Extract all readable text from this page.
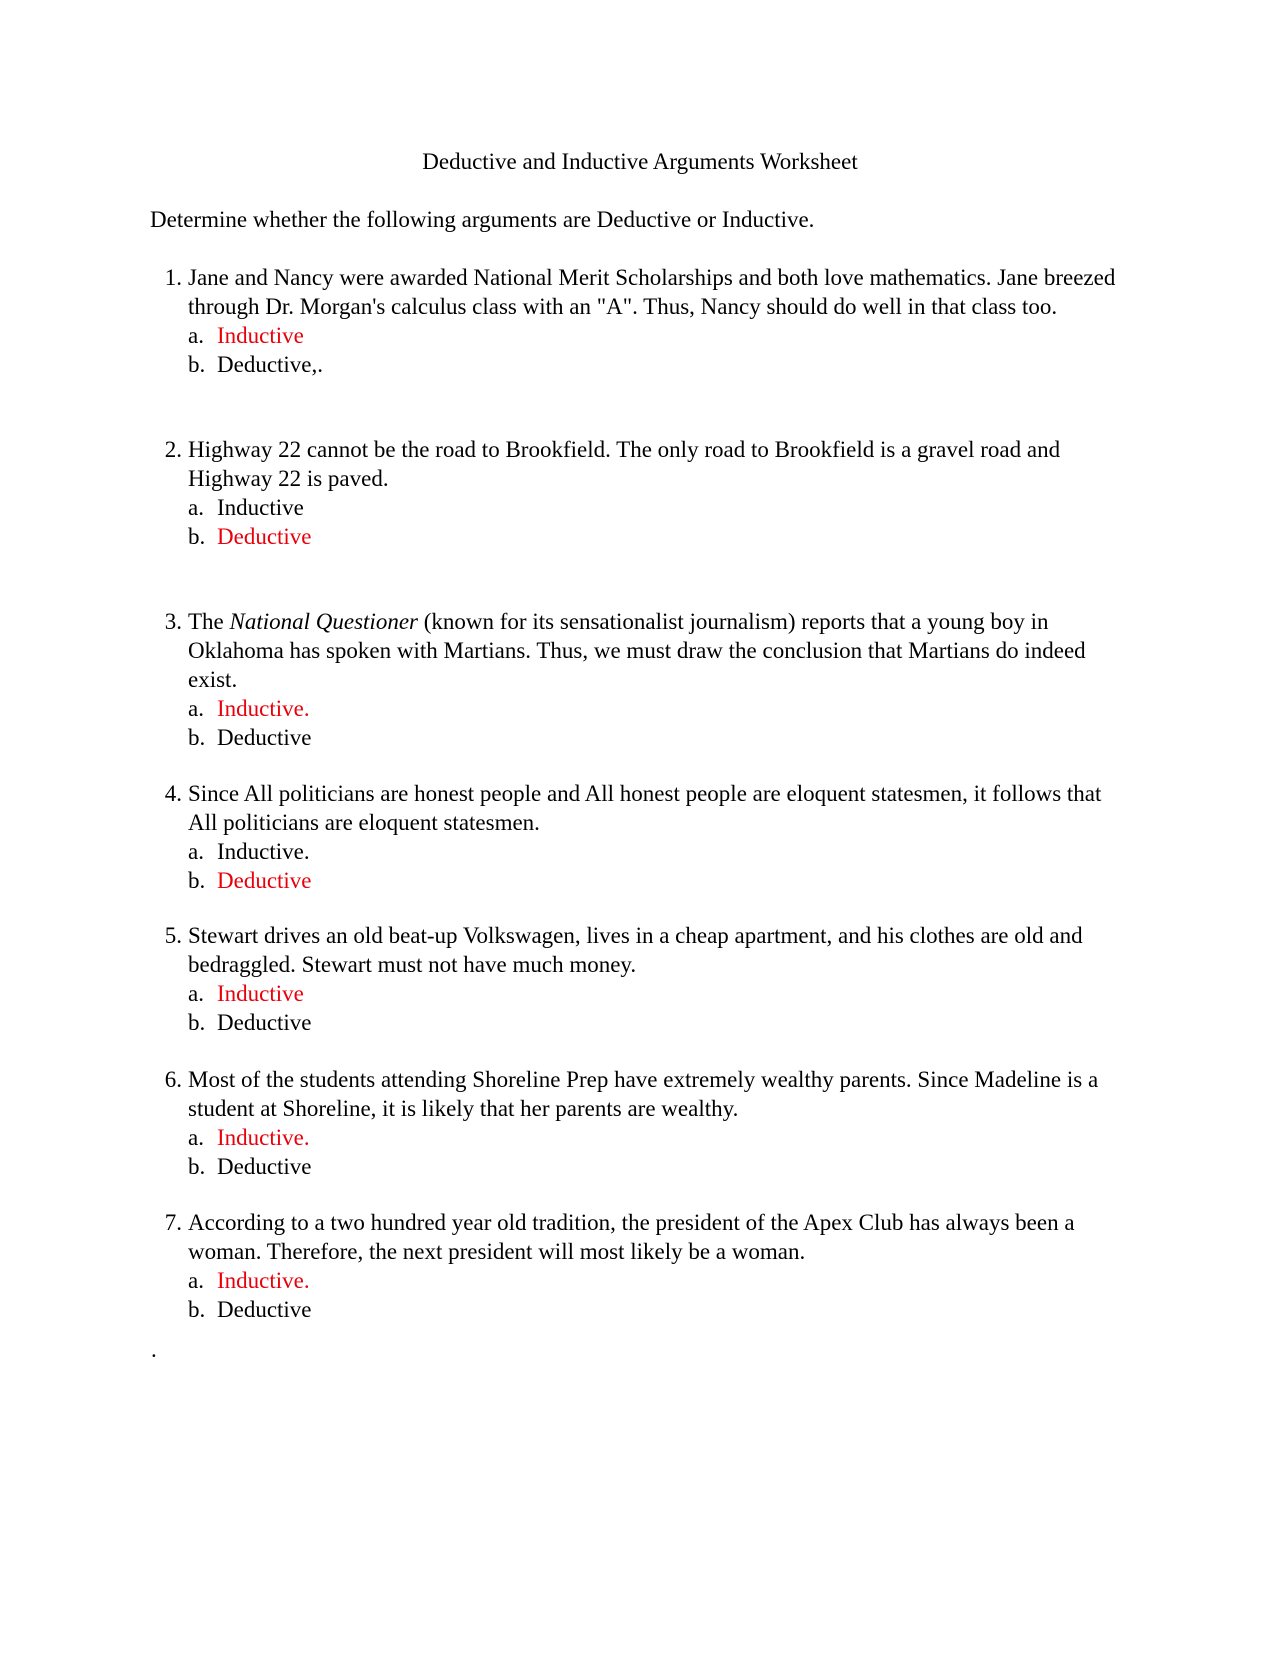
Deductive and Inductive Arguments Worksheet
Determine whether the following arguments are Deductive or Inductive.
1. Jane and Nancy were awarded National Merit Scholarships and both love mathematics. Jane breezed through Dr. Morgan's calculus class with an "A". Thus, Nancy should do well in that class too.
a. Inductive
b. Deductive,.
2. Highway 22 cannot be the road to Brookfield. The only road to Brookfield is a gravel road and Highway 22 is paved.
a. Inductive
b. Deductive
3. The National Questioner (known for its sensationalist journalism) reports that a young boy in Oklahoma has spoken with Martians. Thus, we must draw the conclusion that Martians do indeed exist.
a. Inductive.
b. Deductive
4. Since All politicians are honest people and All honest people are eloquent statesmen, it follows that All politicians are eloquent statesmen.
a. Inductive.
b. Deductive
5. Stewart drives an old beat-up Volkswagen, lives in a cheap apartment, and his clothes are old and bedraggled. Stewart must not have much money.
a. Inductive
b. Deductive
6. Most of the students attending Shoreline Prep have extremely wealthy parents. Since Madeline is a student at Shoreline, it is likely that her parents are wealthy.
a. Inductive.
b. Deductive
7. According to a two hundred year old tradition, the president of the Apex Club has always been a woman. Therefore, the next president will most likely be a woman.
a. Inductive.
b. Deductive
.
